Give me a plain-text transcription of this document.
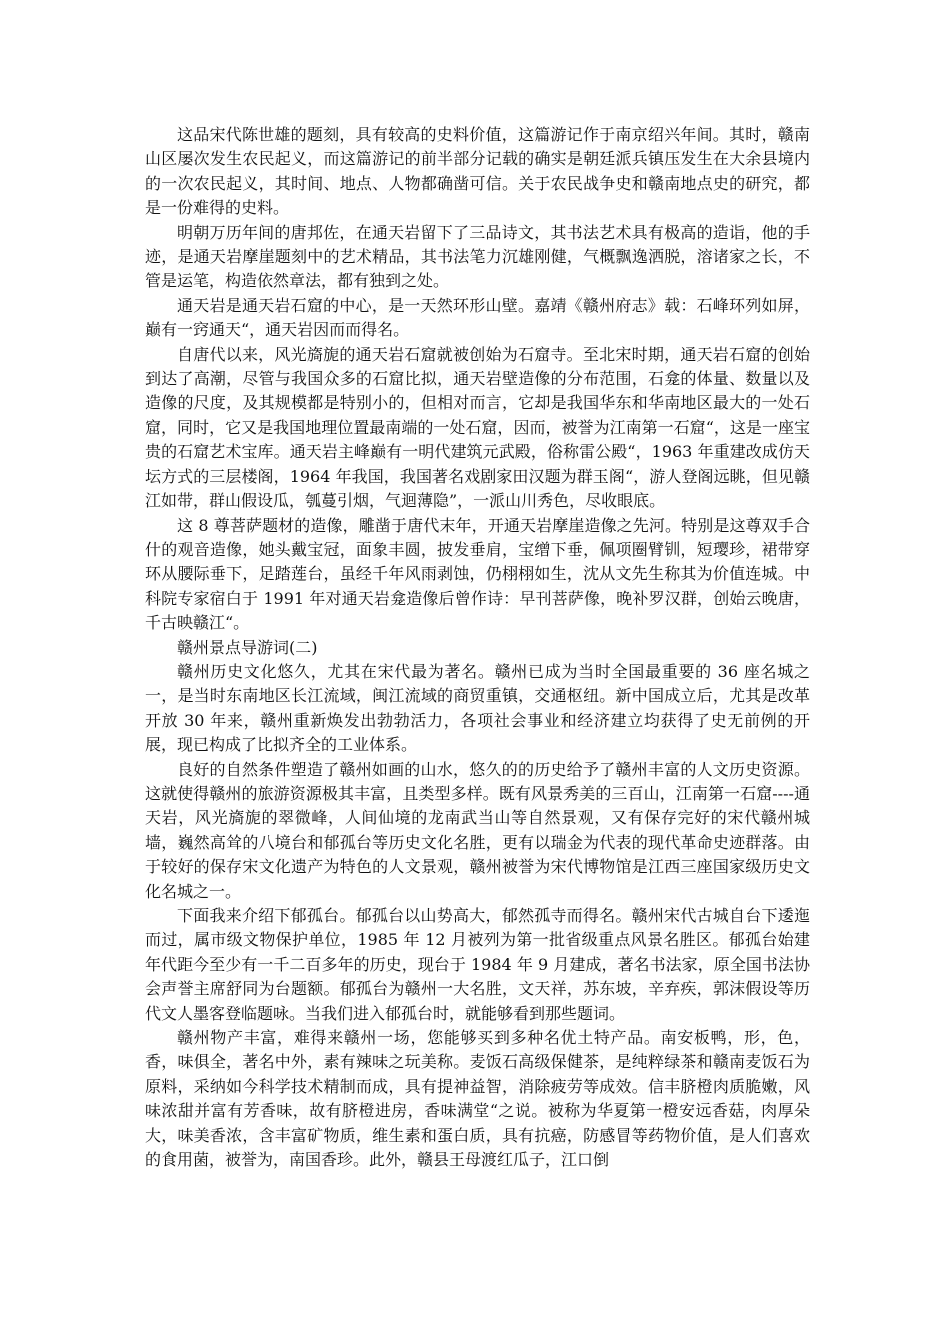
这品宋代陈世雄的题刻，具有较高的史料价值，这篇游记作于南京绍兴年间。其时，赣南山区屡次发生农民起义，而这篇游记的前半部分记载的确实是朝廷派兵镇压发生在大余县境内的一次农民起义，其时间、地点、人物都确凿可信。关于农民战争史和赣南地点史的研究，都是一份难得的史料。

明朝万历年间的唐邦佐，在通天岩留下了三品诗文，其书法艺术具有极高的造诣，他的手迹，是通天岩摩崖题刻中的艺术精品，其书法笔力沉雄刚健，气概飘逸洒脱，溶诸家之长，不管是运笔，构造依然章法，都有独到之处。

通天岩是通天岩石窟的中心，是一天然环形山壁。嘉靖《赣州府志》载：石峰环列如屏，巅有一窍通天“，通天岩因而而得名。

自唐代以来，风光旖旎的通天岩石窟就被创始为石窟寺。至北宋时期，通天岩石窟的创始到达了高潮，尽管与我国众多的石窟比拟，通天岩壁造像的分布范围，石龛的体量、数量以及造像的尺度，及其规模都是特别小的，但相对而言，它却是我国华东和华南地区最大的一处石窟，同时，它又是我国地理位置最南端的一处石窟，因而，被誉为江南第一石窟“，这是一座宝贵的石窟艺术宝库。通天岩主峰巅有一明代建筑元武殿，俗称雷公殿“，1963 年重建改成仿天坛方式的三层楼阁，1964 年我国，我国著名戏剧家田汉题为群玉阁“，游人登阁远眺，但见赣江如带，群山假设瓜，瓠蔓引烟，气迴薄隐”，一派山川秀色，尽收眼底。

这 8 尊菩萨题材的造像，雕凿于唐代末年，开通天岩摩崖造像之先河。特别是这尊双手合什的观音造像，她头戴宝冠，面象丰圆，披发垂肩，宝缯下垂，佩项圈臂钏，短璎珍，裙带穿环从腰际垂下，足踏莲台，虽经千年风雨剥蚀，仍栩栩如生，沈从文先生称其为价值连城。中科院专家宿白于 1991 年对通天岩龛造像后曾作诗：早刊菩萨像，晚补罗汉群，创始云晚唐，千古映赣江“。

赣州景点导游词(二)

赣州历史文化悠久，尤其在宋代最为著名。赣州已成为当时全国最重要的 36 座名城之一，是当时东南地区长江流域，闽江流域的商贸重镇，交通枢纽。新中国成立后，尤其是改革开放 30 年来，赣州重新焕发出勃勃活力，各项社会事业和经济建立均获得了史无前例的开展，现已构成了比拟齐全的工业体系。

良好的自然条件塑造了赣州如画的山水，悠久的的历史给予了赣州丰富的人文历史资源。这就使得赣州的旅游资源极其丰富，且类型多样。既有风景秀美的三百山，江南第一石窟----通天岩，风光旖旎的翠微峰，人间仙境的龙南武当山等自然景观，又有保存完好的宋代赣州城墙，巍然高耸的八境台和郁孤台等历史文化名胜，更有以瑞金为代表的现代革命史迹群落。由于较好的保存宋文化遗产为特色的人文景观，赣州被誉为宋代博物馆是江西三座国家级历史文化名城之一。

下面我来介绍下郁孤台。郁孤台以山势高大，郁然孤寺而得名。赣州宋代古城自台下逶迤而过，属市级文物保护单位，1985 年 12 月被列为第一批省级重点风景名胜区。郁孤台始建年代距今至少有一千二百多年的历史，现台于 1984 年 9 月建成，著名书法家，原全国书法协会声誉主席舒同为台题额。郁孤台为赣州一大名胜，文天祥，苏东坡，辛弃疾，郭沫假设等历代文人墨客登临题咏。当我们进入郁孤台时，就能够看到那些题词。

赣州物产丰富，难得来赣州一场，您能够买到多种名优土特产品。南安板鸭，形，色，香，味俱全，著名中外，素有辣味之玩美称。麦饭石高级保健茶，是纯粹绿茶和赣南麦饭石为原料，采纳如今科学技术精制而成，具有提神益智，消除疲劳等成效。信丰脐橙肉质脆嫩，风味浓甜并富有芳香味，故有脐橙进房，香味满堂“之说。被称为华夏第一橙安远香菇，肉厚朵大，味美香浓，含丰富矿物质，维生素和蛋白质，具有抗癌，防感冒等药物价值，是人们喜欢的食用菌，被誉为，南国香珍。此外，赣县王母渡红瓜子，江口倒
